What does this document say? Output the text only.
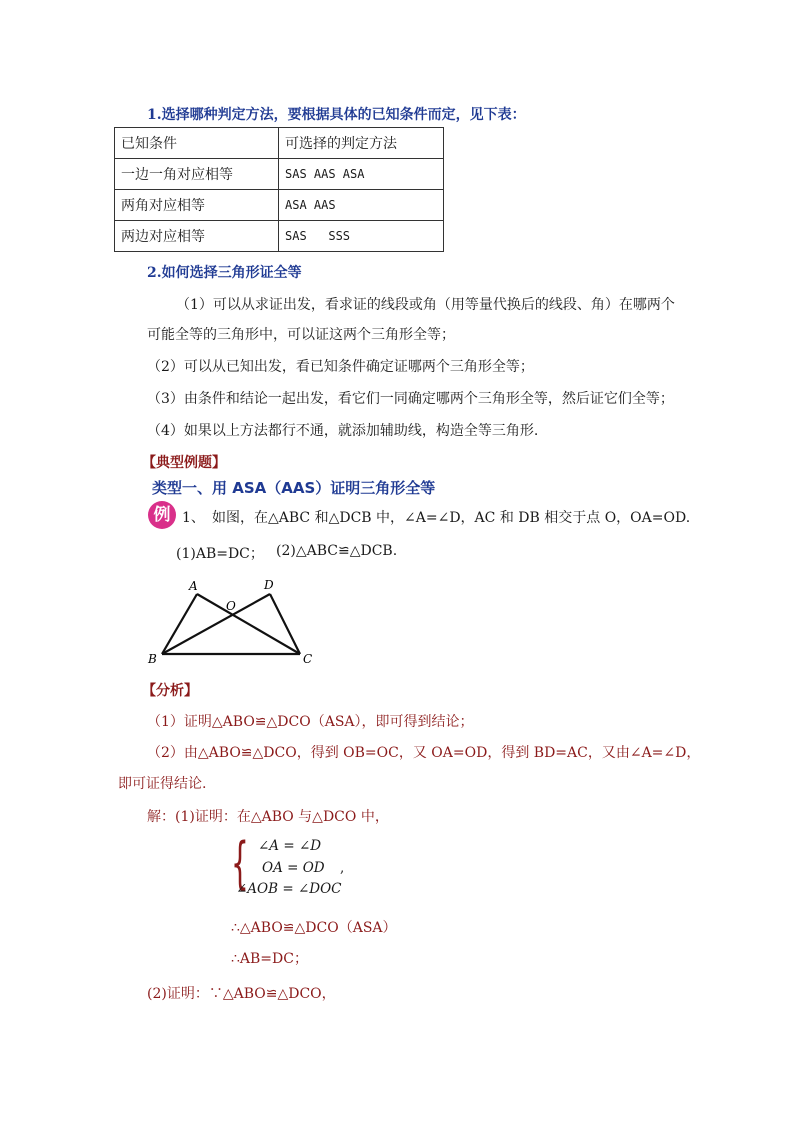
1.选择哪种判定方法，要根据具体的已知条件而定，见下表：
已知条件	可选择的判定方法
一边一角对应相等	SAS AAS ASA
两角对应相等	ASA AAS
两边对应相等	SAS   SSS
2.如何选择三角形证全等
（1）可以从求证出发，看求证的线段或角（用等量代换后的线段、角）在哪两个
可能全等的三角形中，可以证这两个三角形全等；
（2）可以从已知出发，看已知条件确定证哪两个三角形全等；
（3）由条件和结论一起出发，看它们一同确定哪两个三角形全等，然后证它们全等；
（4）如果以上方法都行不通，就添加辅助线，构造全等三角形.
【典型例题】
类型一、用 ASA（AAS）证明三角形全等
例 1、 如图，在△ABC 和△DCB 中，∠A=∠D，AC 和 DB 相交于点 O，OA=OD.
(1)AB=DC； (2)△ABC≌△DCB.
A	D
O
B	C
【分析】
（1）证明△ABO≌△DCO（ASA），即可得到结论；
（2）由△ABO≌△DCO，得到 OB=OC，又 OA=OD，得到 BD=AC，又由∠A=∠D，
即可证得结论.
解：(1)证明：在△ABO 与△DCO 中，
{ ∠A = ∠D
OA = OD ,
∠AOB = ∠DOC
∴△ABO≌△DCO（ASA）
∴AB=DC；
(2)证明：∵△ABO≌△DCO，
